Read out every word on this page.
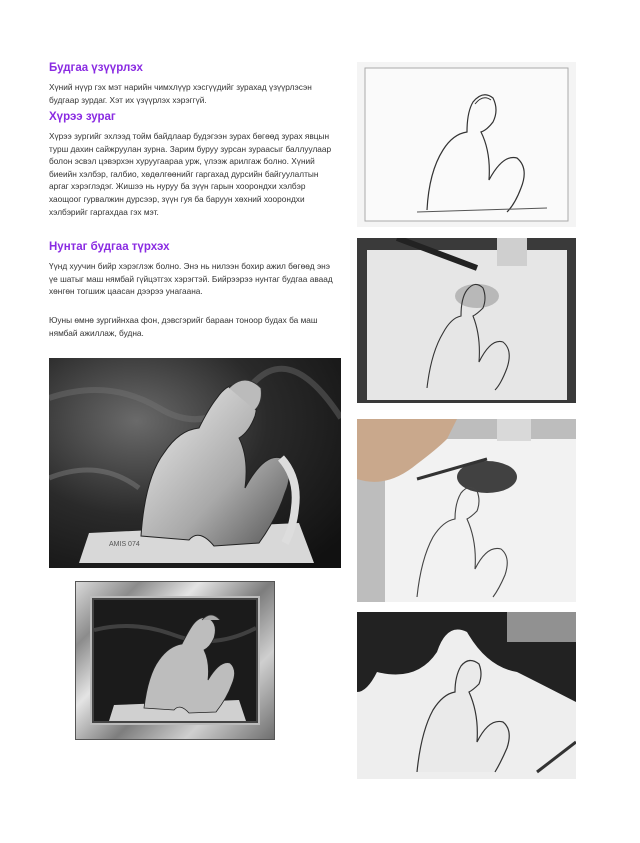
Будгаа үзүүрлэх

Хүний нүүр гэх мэт нарийн чимхлүүр хэсгүүдийг зурахад үзүүрлэсэн будгаар зурдаг. Хэт их үзүүрлэх хэрэггүй.

Хүрээ зураг

Хүрээ зургийг эхлээд тойм байдлаар будэгээн зурах бөгөөд зурах явцын турш дахин сайжруулан зурна. Зарим буруу зурсан зураасыг баллуулаар болон эсвэл цэвэрхэн хуруугаараа урж, үлээж арилгаж болно. Хүний биеийн хэлбэр, галбио, хөдөлгөөнийг гаргахад дурсийн байгуулалтын аргаг хэрэглэдэг. Жишээ нь нуруу ба зүүн гарын хоорондхи хэлбэр хаощоог гурвалжин дурсээр, зүүн гуя ба баруун хөхний хоорондхи хэлбэрийг гаргахдаа гэх мэт.

Нунтаг будгаа түрхэх

Үүнд хуучин бийр хэрэглэж болно. Энэ нь нилээн бохир ажил бөгөөд энэ үе шатыг маш нямбай гүйцэтгэх хэрэгтэй. Бийрээрээ нунтаг будгаа аваад хөнгөн тогшиж цаасан дээрээ унагаана.

Юуны өмнө зургийнхаа фон, дэвсгэрийг бараан тоноор будах ба маш нямбай ажиллаж, будна.

AMIS 074
